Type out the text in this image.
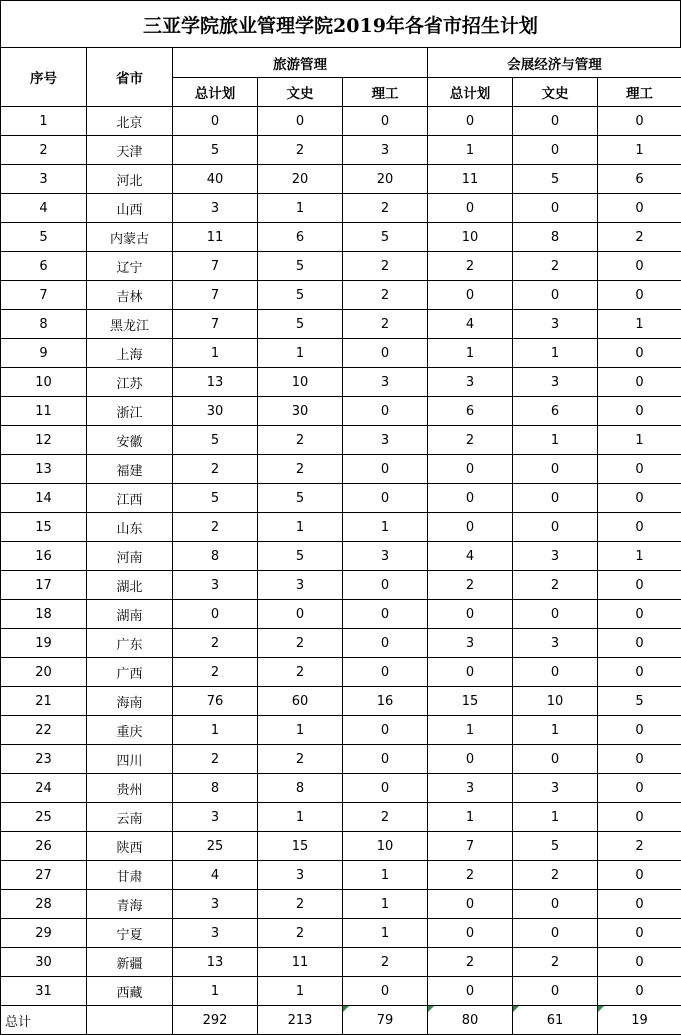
三亚学院旅业管理学院2019年各省市招生计划
序号	省市	旅游管理			会展经济与管理		
		总计划	文史	理工	总计划	文史	理工
1	北京	0	0	0	0	0	0
2	天津	5	2	3	1	0	1
3	河北	40	20	20	11	5	6
4	山西	3	1	2	0	0	0
5	内蒙古	11	6	5	10	8	2
6	辽宁	7	5	2	2	2	0
7	吉林	7	5	2	0	0	0
8	黑龙江	7	5	2	4	3	1
9	上海	1	1	0	1	1	0
10	江苏	13	10	3	3	3	0
11	浙江	30	30	0	6	6	0
12	安徽	5	2	3	2	1	1
13	福建	2	2	0	0	0	0
14	江西	5	5	0	0	0	0
15	山东	2	1	1	0	0	0
16	河南	8	5	3	4	3	1
17	湖北	3	3	0	2	2	0
18	湖南	0	0	0	0	0	0
19	广东	2	2	0	3	3	0
20	广西	2	2	0	0	0	0
21	海南	76	60	16	15	10	5
22	重庆	1	1	0	1	1	0
23	四川	2	2	0	0	0	0
24	贵州	8	8	0	3	3	0
25	云南	3	1	2	1	1	0
26	陕西	25	15	10	7	5	2
27	甘肃	4	3	1	2	2	0
28	青海	3	2	1	0	0	0
29	宁夏	3	2	1	0	0	0
30	新疆	13	11	2	2	2	0
31	西藏	1	1	0	0	0	0
总计		292	213	79	80	61	19
